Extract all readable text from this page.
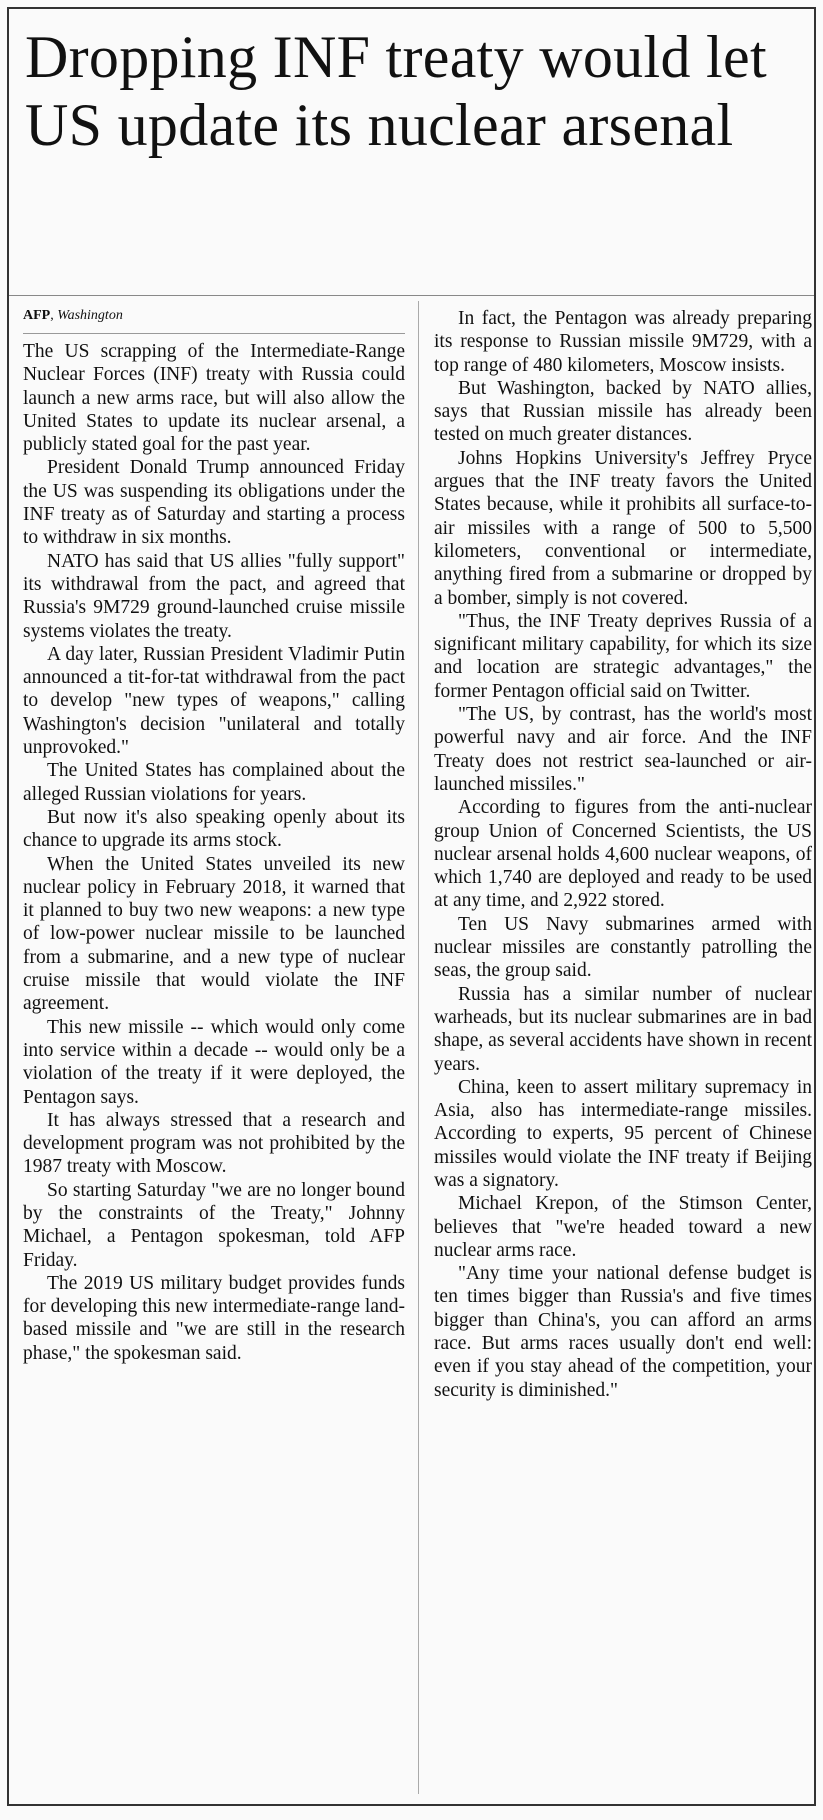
Dropping INF treaty would let US update its nuclear arsenal
AFP, Washington

The US scrapping of the Intermediate-Range Nuclear Forces (INF) treaty with Russia could launch a new arms race, but will also allow the United States to update its nuclear arsenal, a publicly stated goal for the past year.

President Donald Trump announced Friday the US was suspending its obligations under the INF treaty as of Saturday and starting a process to withdraw in six months.

NATO has said that US allies "fully support" its withdrawal from the pact, and agreed that Russia's 9M729 ground-launched cruise missile systems violates the treaty.

A day later, Russian President Vladimir Putin announced a tit-for-tat withdrawal from the pact to develop "new types of weapons," calling Washington's decision "unilateral and totally unprovoked."

The United States has complained about the alleged Russian violations for years.

But now it's also speaking openly about its chance to upgrade its arms stock.

When the United States unveiled its new nuclear policy in February 2018, it warned that it planned to buy two new weapons: a new type of low-power nuclear missile to be launched from a submarine, and a new type of nuclear cruise missile that would violate the INF agreement.

This new missile -- which would only come into service within a decade -- would only be a violation of the treaty if it were deployed, the Pentagon says.

It has always stressed that a research and development program was not prohibited by the 1987 treaty with Moscow.

So starting Saturday "we are no longer bound by the constraints of the Treaty," Johnny Michael, a Pentagon spokesman, told AFP Friday.

The 2019 US military budget provides funds for developing this new intermediate-range land-based missile and "we are still in the research phase," the spokesman said.

In fact, the Pentagon was already preparing its response to Russian missile 9M729, with a top range of 480 kilometers, Moscow insists.

But Washington, backed by NATO allies, says that Russian missile has already been tested on much greater distances.

Johns Hopkins University's Jeffrey Pryce argues that the INF treaty favors the United States because, while it prohibits all surface-to-air missiles with a range of 500 to 5,500 kilometers, conventional or intermediate, anything fired from a submarine or dropped by a bomber, simply is not covered.

"Thus, the INF Treaty deprives Russia of a significant military capability, for which its size and location are strategic advantages," the former Pentagon official said on Twitter.

"The US, by contrast, has the world's most powerful navy and air force. And the INF Treaty does not restrict sea-launched or air-launched missiles."

According to figures from the anti-nuclear group Union of Concerned Scientists, the US nuclear arsenal holds 4,600 nuclear weapons, of which 1,740 are deployed and ready to be used at any time, and 2,922 stored.

Ten US Navy submarines armed with nuclear missiles are constantly patrolling the seas, the group said.

Russia has a similar number of nuclear warheads, but its nuclear submarines are in bad shape, as several accidents have shown in recent years.

China, keen to assert military supremacy in Asia, also has intermediate-range missiles. According to experts, 95 percent of Chinese missiles would violate the INF treaty if Beijing was a signatory.

Michael Krepon, of the Stimson Center, believes that "we're headed toward a new nuclear arms race.

"Any time your national defense budget is ten times bigger than Russia's and five times bigger than China's, you can afford an arms race. But arms races usually don't end well: even if you stay ahead of the competition, your security is diminished."
